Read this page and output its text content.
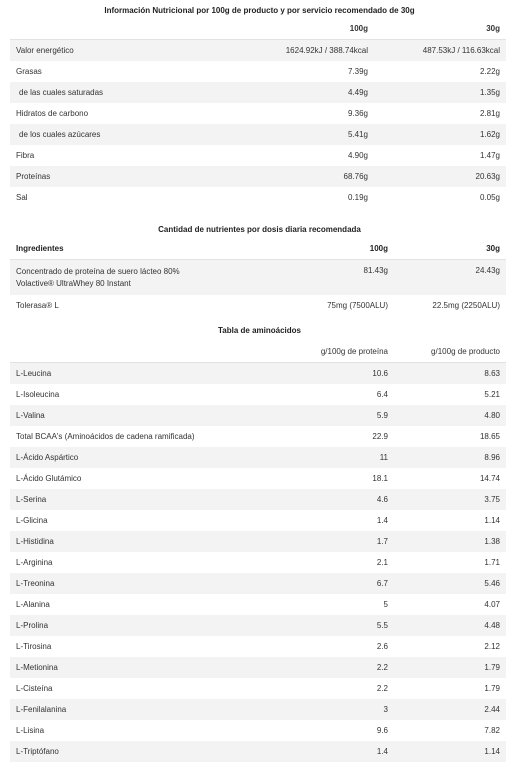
Información Nutricional por 100g de producto y por servicio recomendado de 30g
	100g	30g
Valor energético	1624.92kJ / 388.74kcal	487.53kJ / 116.63kcal
Grasas	7.39g	2.22g
de las cuales saturadas	4.49g	1.35g
Hidratos de carbono	9.36g	2.81g
de los cuales azúcares	5.41g	1.62g
Fibra	4.90g	1.47g
Proteínas	68.76g	20.63g
Sal	0.19g	0.05g
Cantidad de nutrientes por dosis diaria recomendada
Ingredientes	100g	30g

Concentrado de proteína de suero lácteo 80%
Volactive® UltraWhey 80 Instant	81.43g	24.43g
Tolerasa® L	75mg (7500ALU)	22.5mg (2250ALU)
Tabla de aminoácidos
	g/100g de proteína	g/100g de producto
L-Leucina	10.6	8.63
L-Isoleucina	6.4	5.21
L-Valina	5.9	4.80
Total BCAA's (Aminoácidos de cadena ramificada)	22.9	18.65
L-Ácido Aspártico	11	8.96
L-Ácido Glutámico	18.1	14.74
L-Serina	4.6	3.75
L-Glicina	1.4	1.14
L-Histidina	1.7	1.38
L-Arginina	2.1	1.71
L-Treonina	6.7	5.46
L-Alanina	5	4.07
L-Prolina	5.5	4.48
L-Tirosina	2.6	2.12
L-Metionina	2.2	1.79
L-Cisteína	2.2	1.79
L-Fenilalanina	3	2.44
L-Lisina	9.6	7.82
L-Triptófano	1.4	1.14
